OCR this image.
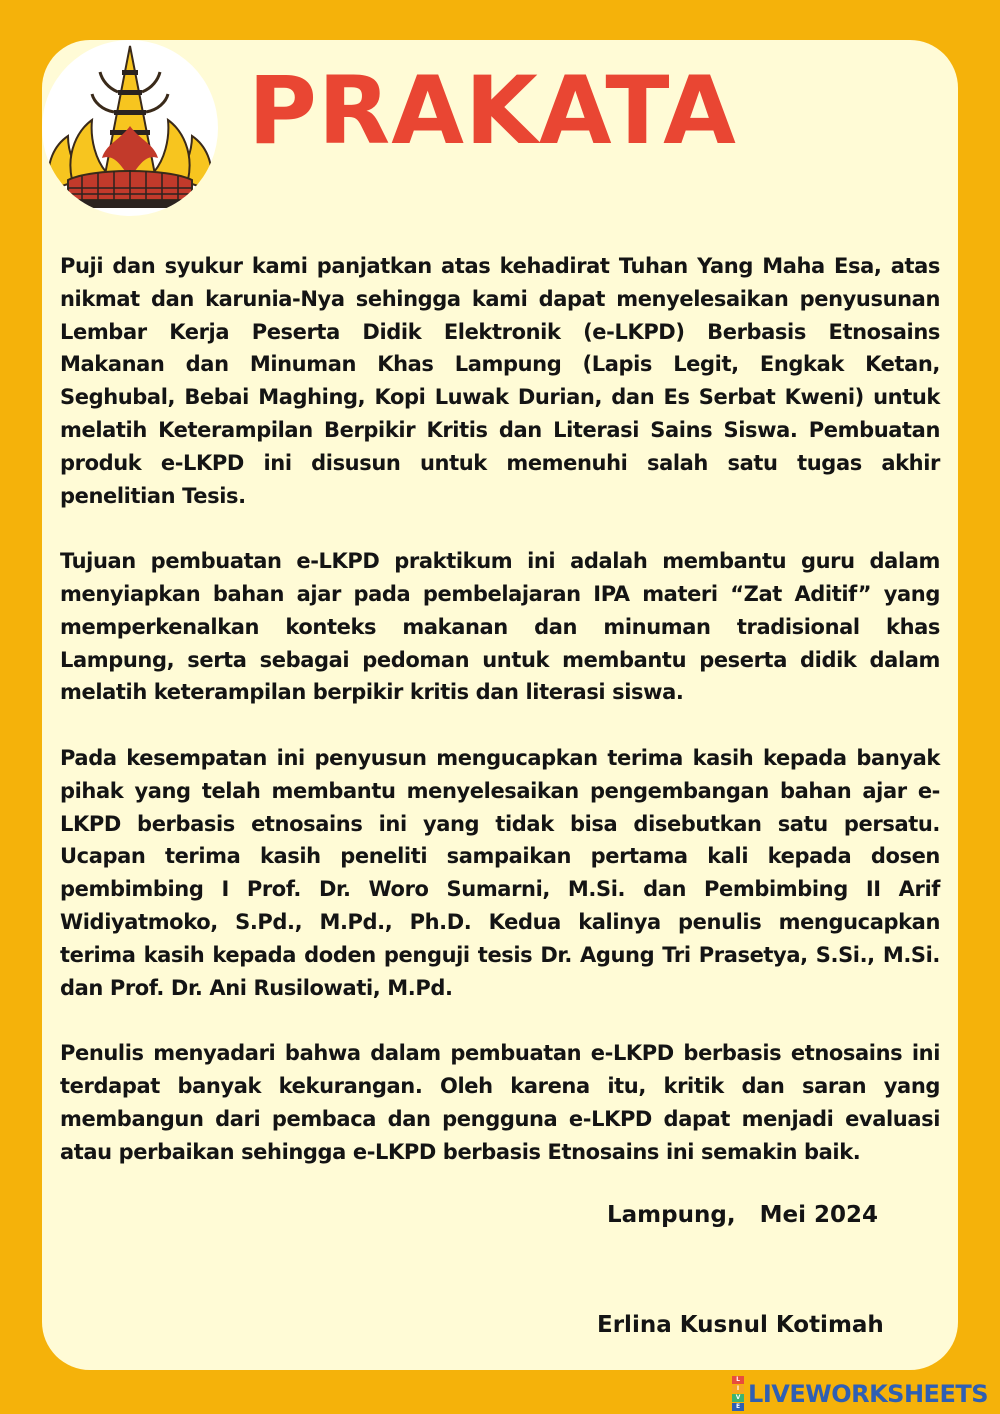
PRAKATA

Puji dan syukur kami panjatkan atas kehadirat Tuhan Yang Maha Esa, atas nikmat dan karunia-Nya sehingga kami dapat menyelesaikan penyusunan Lembar Kerja Peserta Didik Elektronik (e-LKPD) Berbasis Etnosains Makanan dan Minuman Khas Lampung (Lapis Legit, Engkak Ketan, Seghubal, Bebai Maghing, Kopi Luwak Durian, dan Es Serbat Kweni) untuk melatih Keterampilan Berpikir Kritis dan Literasi Sains Siswa. Pembuatan produk e-LKPD ini disusun untuk memenuhi salah satu tugas akhir penelitian Tesis.

Tujuan pembuatan e-LKPD praktikum ini adalah membantu guru dalam menyiapkan bahan ajar pada pembelajaran IPA materi “Zat Aditif” yang memperkenalkan konteks makanan dan minuman tradisional khas Lampung, serta sebagai pedoman untuk membantu peserta didik dalam melatih keterampilan berpikir kritis dan literasi siswa.

Pada kesempatan ini penyusun mengucapkan terima kasih kepada banyak pihak yang telah membantu menyelesaikan pengembangan bahan ajar e-LKPD berbasis etnosains ini yang tidak bisa disebutkan satu persatu. Ucapan terima kasih peneliti sampaikan pertama kali kepada dosen pembimbing I Prof. Dr. Woro Sumarni, M.Si. dan Pembimbing II Arif Widiyatmoko, S.Pd., M.Pd., Ph.D. Kedua kalinya penulis mengucapkan terima kasih kepada doden penguji tesis Dr. Agung Tri Prasetya, S.Si., M.Si. dan Prof. Dr. Ani Rusilowati, M.Pd.

Penulis menyadari bahwa dalam pembuatan e-LKPD berbasis etnosains ini terdapat banyak kekurangan. Oleh karena itu, kritik dan saran yang membangun dari pembaca dan pengguna e-LKPD dapat menjadi evaluasi atau perbaikan sehingga e-LKPD berbasis Etnosains ini semakin baik.

Lampung,   Mei 2024
Erlina Kusnul Kotimah
L
I
V
E LIVEWORKSHEETS
